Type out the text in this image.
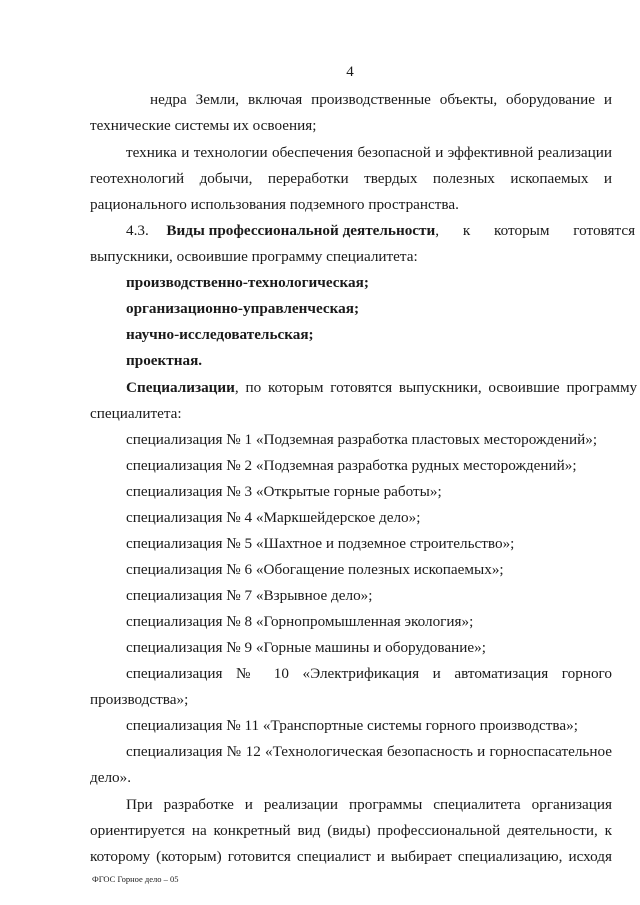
4
недра Земли, включая производственные объекты, оборудование и
технические системы их освоения;
техника и технологии обеспечения безопасной и эффективной реализации
геотехнологий добычи, переработки твердых полезных ископаемых и
рационального использования подземного пространства.
4.3. Виды профессиональной деятельности, к которым готовятся
выпускники, освоившие программу специалитета:
производственно-технологическая;
организационно-управленческая;
научно-исследовательская;
проектная.
Специализации, по которым готовятся выпускники, освоившие программу
специалитета:
специализация № 1 «Подземная разработка пластовых месторождений»;
специализация № 2 «Подземная разработка рудных месторождений»;
специализация № 3 «Открытые горные работы»;
специализация № 4 «Маркшейдерское дело»;
специализация № 5 «Шахтное и подземное строительство»;
специализация № 6 «Обогащение полезных ископаемых»;
специализация № 7 «Взрывное дело»;
специализация № 8 «Горнопромышленная экология»;
специализация № 9 «Горные машины и оборудование»;
специализация № 10 «Электрификация и автоматизация горного
производства»;
специализация № 11 «Транспортные системы горного производства»;
специализация № 12 «Технологическая безопасность и горноспасательное
дело».
При разработке и реализации программы специалитета организация
ориентируется на конкретный вид (виды) профессиональной деятельности, к
которому (которым) готовится специалист и выбирает специализацию, исходя
ФГОС Горное дело – 05
